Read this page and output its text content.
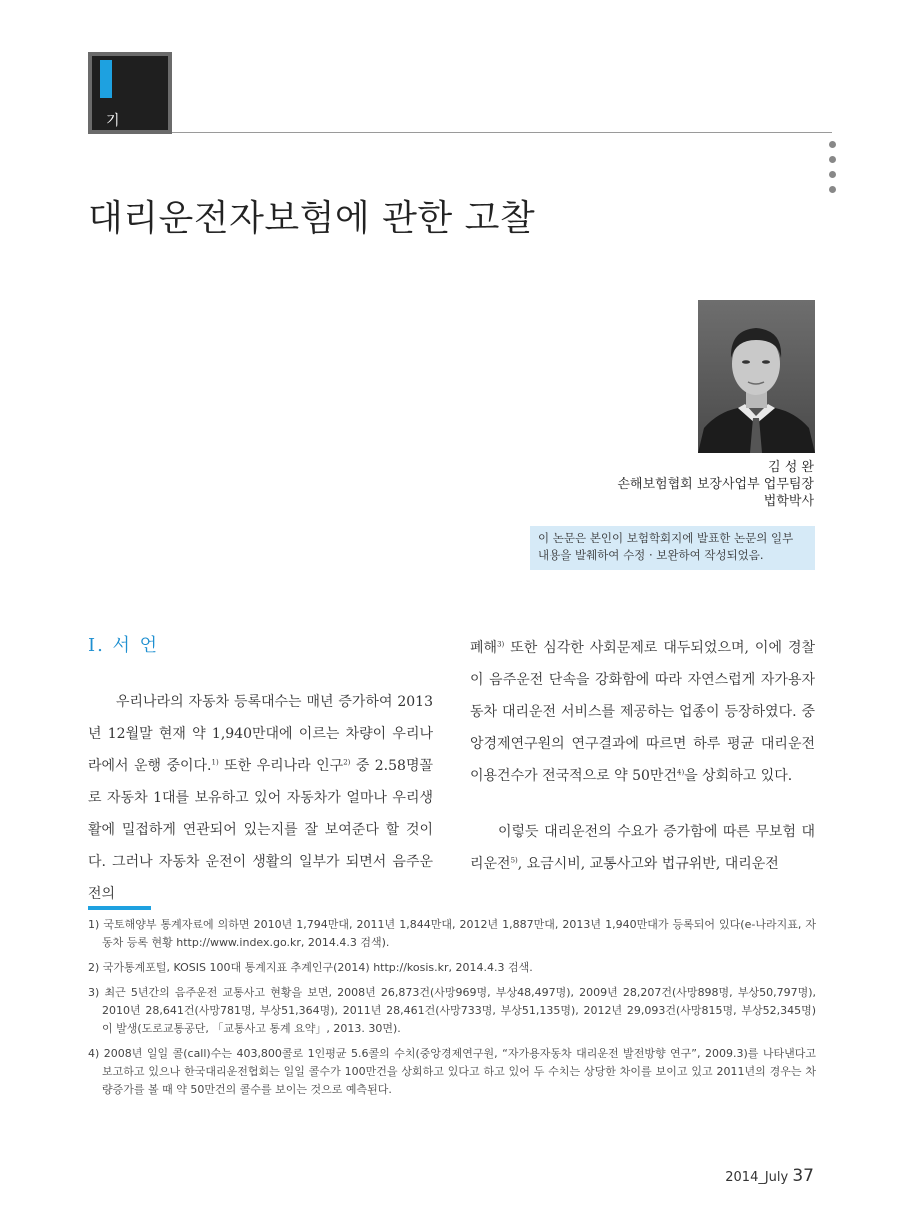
기 고
대리운전자보험에 관한 고찰
김 성 완
손해보험협회 보장사업부 업무팀장
법학박사
이 논문은 본인이 보험학회지에 발표한 논문의 일부
내용을 발췌하여 수정 · 보완하여 작성되었음.
Ⅰ. 서 언

우리나라의 자동차 등록대수는 매년 증가하여 2013년 12월말 현재 약 1,940만대에 이르는 차량이 우리나라에서 운행 중이다.$^{1)}$ 또한 우리나라 인구$^{2)}$ 중 2.58명꼴로 자동차 1대를 보유하고 있어 자동차가 얼마나 우리생활에 밀접하게 연관되어 있는지를 잘 보여준다 할 것이다. 그러나 자동차 운전이 생활의 일부가 되면서 음주운전의

폐해$^{3)}$ 또한 심각한 사회문제로 대두되었으며, 이에 경찰이 음주운전 단속을 강화함에 따라 자연스럽게 자가용자동차 대리운전 서비스를 제공하는 업종이 등장하였다. 중앙경제연구원의 연구결과에 따르면 하루 평균 대리운전 이용건수가 전국적으로 약 50만건$^{4)}$을 상회하고 있다.

이렇듯 대리운전의 수요가 증가함에 따른 무보험 대리운전$^{5)}$, 요금시비, 교통사고와 법규위반, 대리운전

1) 국토해양부 통계자료에 의하면 2010년 1,794만대, 2011년 1,844만대, 2012년 1,887만대, 2013년 1,940만대가 등록되어 있다(e-나라지표, 자동차 등록 현황 http://www.index.go.kr, 2014.4.3 검색).

2) 국가통계포털, KOSIS 100대 통계지표 추계인구(2014) http://kosis.kr, 2014.4.3 검색.

3) 최근 5년간의 음주운전 교통사고 현황을 보면, 2008년 26,873건(사망969명, 부상48,497명), 2009년 28,207건(사망898명, 부상50,797명), 2010년 28,641건(사망781명, 부상51,364명), 2011년 28,461건(사망733명, 부상51,135명), 2012년 29,093건(사망815명, 부상52,345명)이 발생(도로교통공단, 「교통사고 통계 요약」, 2013. 30면).

4) 2008년 일일 콜(call)수는 403,800콜로 1인평균 5.6콜의 수치(중앙경제연구원, “자가용자동차 대리운전 발전방향 연구”, 2009.3)를 나타낸다고 보고하고 있으나 한국대리운전협회는 일일 콜수가 100만건을 상회하고 있다고 하고 있어 두 수치는 상당한 차이를 보이고 있고 2011년의 경우는 차량증가를 볼 때 약 50만건의 콜수를 보이는 것으로 예측된다.

2014_July 37
